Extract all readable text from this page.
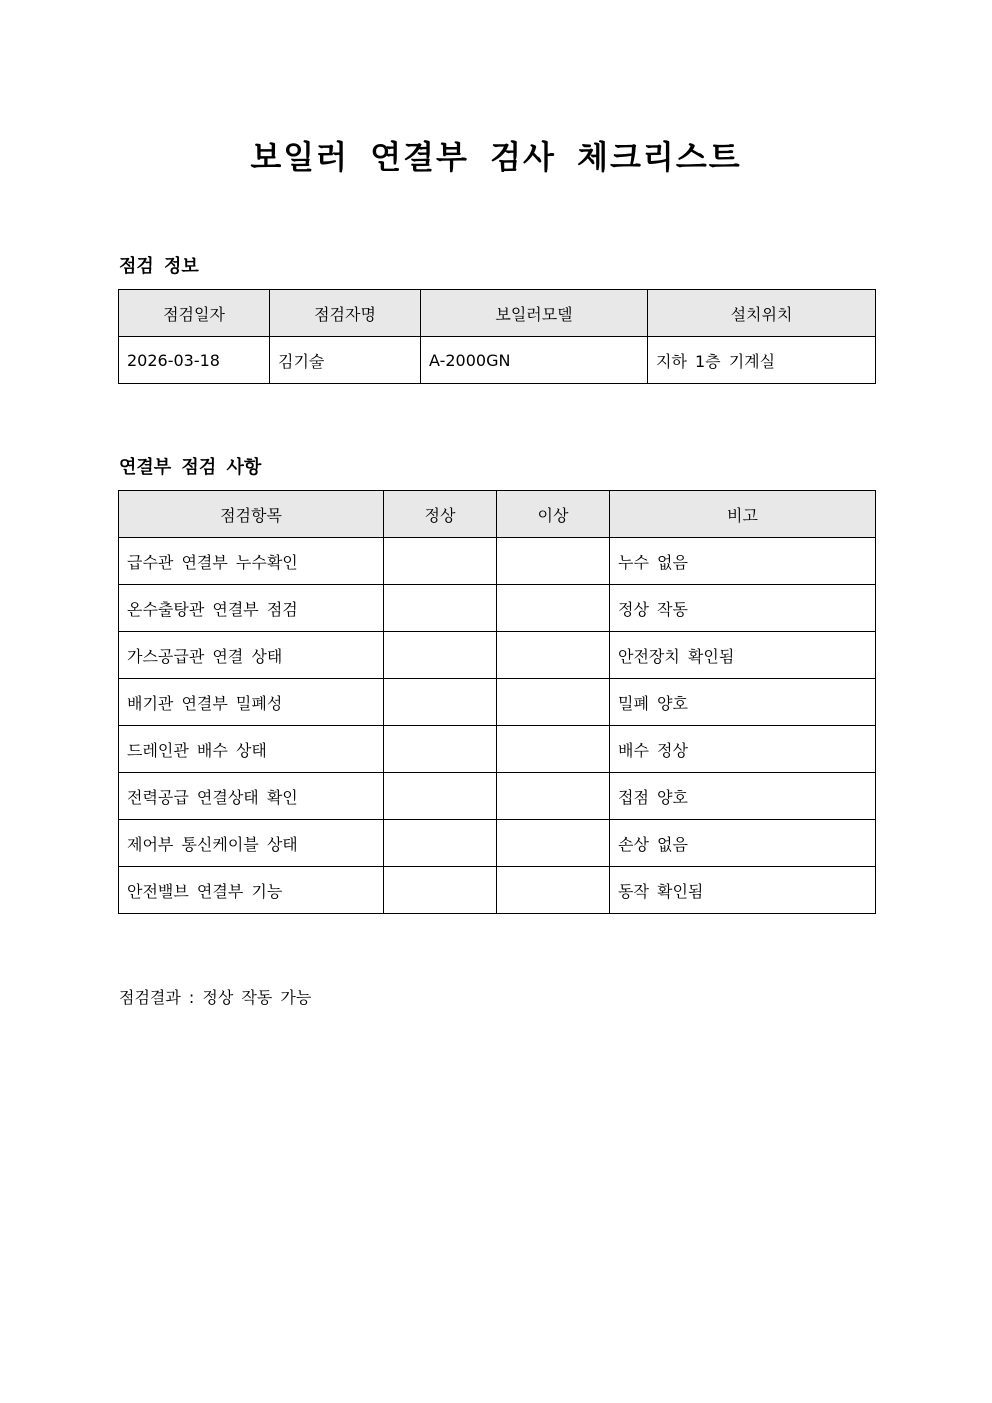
보일러 연결부 검사 체크리스트
점검 정보
점검일자	점검자명	보일러모델	설치위치
2026-03-18	김기술	A-2000GN	지하 1층 기계실
연결부 점검 사항
점검항목	정상	이상	비고
급수관 연결부 누수확인			누수 없음
온수출탕관 연결부 점검			정상 작동
가스공급관 연결 상태			안전장치 확인됨
배기관 연결부 밀폐성			밀폐 양호
드레인관 배수 상태			배수 정상
전력공급 연결상태 확인			접점 양호
제어부 통신케이블 상태			손상 없음
안전밸브 연결부 기능			동작 확인됨
점검결과 : 정상 작동 가능
